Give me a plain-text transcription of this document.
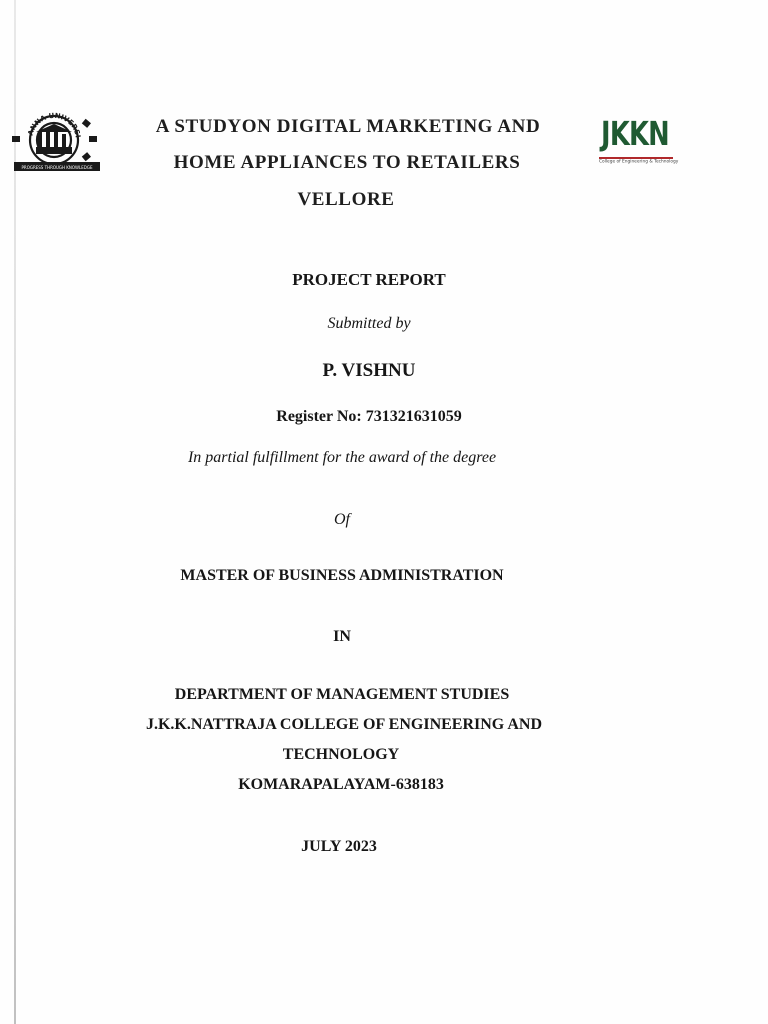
ANNA UNIVERSI
PROGRESS THROUGH KNOWLEDGE
JKKN
College of Engineering & Technology
A STUDYON DIGITAL MARKETING AND
HOME APPLIANCES TO RETAILERS
VELLORE
PROJECT REPORT
Submitted by
P. VISHNU
Register No: 731321631059
In partial fulfillment for the award of the degree
Of
MASTER OF BUSINESS ADMINISTRATION
IN
DEPARTMENT OF MANAGEMENT STUDIES
J.K.K.NATTRAJA COLLEGE OF ENGINEERING AND
TECHNOLOGY
KOMARAPALAYAM-638183
JULY 2023
